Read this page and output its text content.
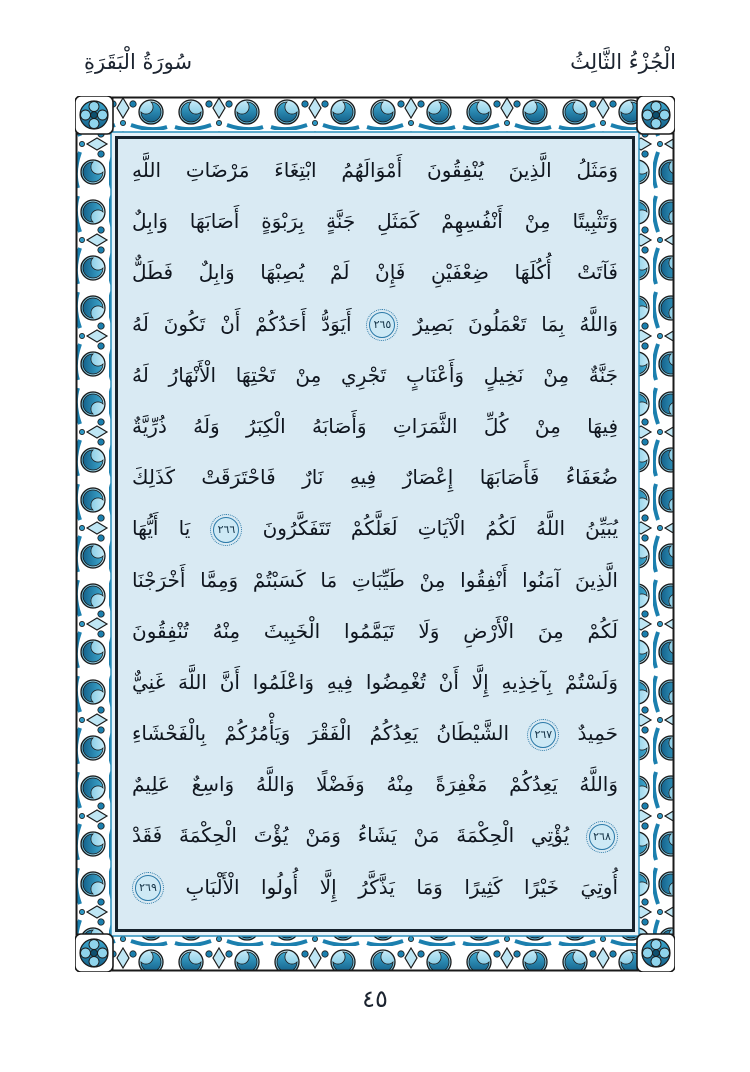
سُورَةُ الْبَقَرَةِ	الْجُزْءُ الثَّالِثُ
وَمَثَلُ الَّذِينَ يُنْفِقُونَ أَمْوَالَهُمُ ابْتِغَاءَ مَرْضَاتِ اللَّهِ
وَتَثْبِيتًا مِنْ أَنْفُسِهِمْ كَمَثَلِ جَنَّةٍ بِرَبْوَةٍ أَصَابَهَا وَابِلٌ
فَآتَتْ أُكُلَهَا ضِعْفَيْنِ فَإِنْ لَمْ يُصِبْهَا وَابِلٌ فَطَلٌّ
وَاللَّهُ بِمَا تَعْمَلُونَ بَصِيرٌ ٢٦٥ أَيَوَدُّ أَحَدُكُمْ أَنْ تَكُونَ لَهُ
جَنَّةٌ مِنْ نَخِيلٍ وَأَعْنَابٍ تَجْرِي مِنْ تَحْتِهَا الْأَنْهَارُ لَهُ
فِيهَا مِنْ كُلِّ الثَّمَرَاتِ وَأَصَابَهُ الْكِبَرُ وَلَهُ ذُرِّيَّةٌ
ضُعَفَاءُ فَأَصَابَهَا إِعْصَارٌ فِيهِ نَارٌ فَاحْتَرَقَتْ كَذَلِكَ
يُبَيِّنُ اللَّهُ لَكُمُ الْآيَاتِ لَعَلَّكُمْ تَتَفَكَّرُونَ ٢٦٦ يَا أَيُّهَا
الَّذِينَ آمَنُوا أَنْفِقُوا مِنْ طَيِّبَاتِ مَا كَسَبْتُمْ وَمِمَّا أَخْرَجْنَا
لَكُمْ مِنَ الْأَرْضِ وَلَا تَيَمَّمُوا الْخَبِيثَ مِنْهُ تُنْفِقُونَ
وَلَسْتُمْ بِآخِذِيهِ إِلَّا أَنْ تُغْمِضُوا فِيهِ وَاعْلَمُوا أَنَّ اللَّهَ غَنِيٌّ
حَمِيدٌ ٢٦٧ الشَّيْطَانُ يَعِدُكُمُ الْفَقْرَ وَيَأْمُرُكُمْ بِالْفَحْشَاءِ
وَاللَّهُ يَعِدُكُمْ مَغْفِرَةً مِنْهُ وَفَضْلًا وَاللَّهُ وَاسِعٌ عَلِيمٌ
٢٦٨ يُؤْتِي الْحِكْمَةَ مَنْ يَشَاءُ وَمَنْ يُؤْتَ الْحِكْمَةَ فَقَدْ
أُوتِيَ خَيْرًا كَثِيرًا وَمَا يَذَّكَّرُ إِلَّا أُولُوا الْأَلْبَابِ ٢٦٩
٤٥
